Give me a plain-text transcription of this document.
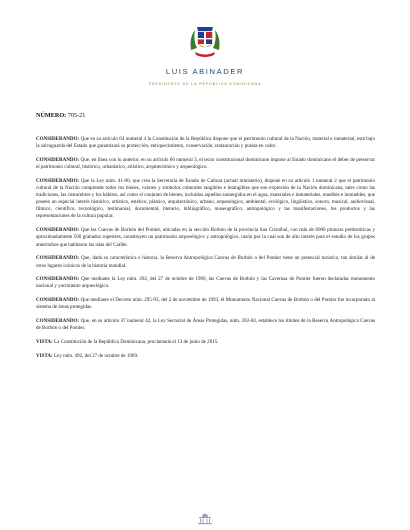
LUIS ABINADER
PRESIDENTE DE LA REPÚBLICA DOMINICANA
NÚMERO: 705-21

CONSIDERANDO: Que en su artículo 64 numeral 4 la Constitución de la República dispone que el patrimonio cultural de la Nación, material e inmaterial, está bajo la salvaguarda del Estado que garantizará su protección, enriquecimiento, conservación, restauración y puesta en valor.

CONSIDERANDO: Que, en línea con lo anterior, en su artículo 66 numeral 3, el texto constitucional dominicano impone al Estado dominicano el deber de preservar el patrimonio cultural, histórico, urbanístico, artístico, arquitectónico y arqueológico.

CONSIDERANDO: Que la Ley núm. 41-00, que crea la Secretaría de Estado de Cultura (actual ministerio), dispone en su artículo 1 numeral 2 que el patrimonio cultural de la Nación comprende todos los bienes, valores y símbolos culturales tangibles e intangibles que son expresión de la Nación dominicana, tales como las tradiciones, las costumbres y los hábitos, así como el conjunto de bienes, incluidos aquellos sumergidos en el agua, materiales e inmateriales, muebles e inmuebles, que poseen un especial interés histórico, artístico, estético, plástico, arquitectónico, urbano, arqueológico, ambiental, ecológico, lingüístico, sonoro, musical, audiovisual, fílmico, científico, tecnológico, testimonial, documental, literario, bibliográfico, museográfico, antropológico y las manifestaciones, los productos y las representaciones de la cultura popular.

CONSIDERANDO: Que las Cuevas de Borbón del Pomier, ubicadas en la sección Borbón de la provincia San Cristóbal, con más de 6000 pinturas prehistóricas y aproximadamente 500 grabados rupestres, constituyen un patrimonio arqueológico y antropológico, razón por la cual son de alto interés para el estudio de los grupos amerindios que habitaron las islas del Caribe.

CONSIDERANDO: Que, dada su característica e historia, la Reserva Antropológica Cuevas de Borbón o del Pomier tiene un potencial turístico, tan similar al de otros lugares icónicos de la historia mundial.

CONSIDERANDO: Que mediante la Ley núm. 492, del 27 de octubre de 1969, las Cuevas de Borbón y las Cavernas de Pomier fueron declaradas monumento nacional y yacimiento arqueológico.

CONSIDERANDO: Que mediante el Decreto núm. 295-93, del 2 de noviembre de 1993, el Monumento Nacional Cuevas de Borbón o del Pomier fue incorporado al sistema de áreas protegidas.

CONSIDERANDO: Que, en su artículo 37 numeral 42, la Ley Sectorial de Áreas Protegidas, núm. 202-04, establece los límites de la Reserva Antropológica Cuevas de Borbón o del Pomier.

VISTA: La Constitución de la República Dominicana, proclamada el 13 de junio de 2015.

VISTA: Ley núm. 492, del 27 de octubre de 1969.
